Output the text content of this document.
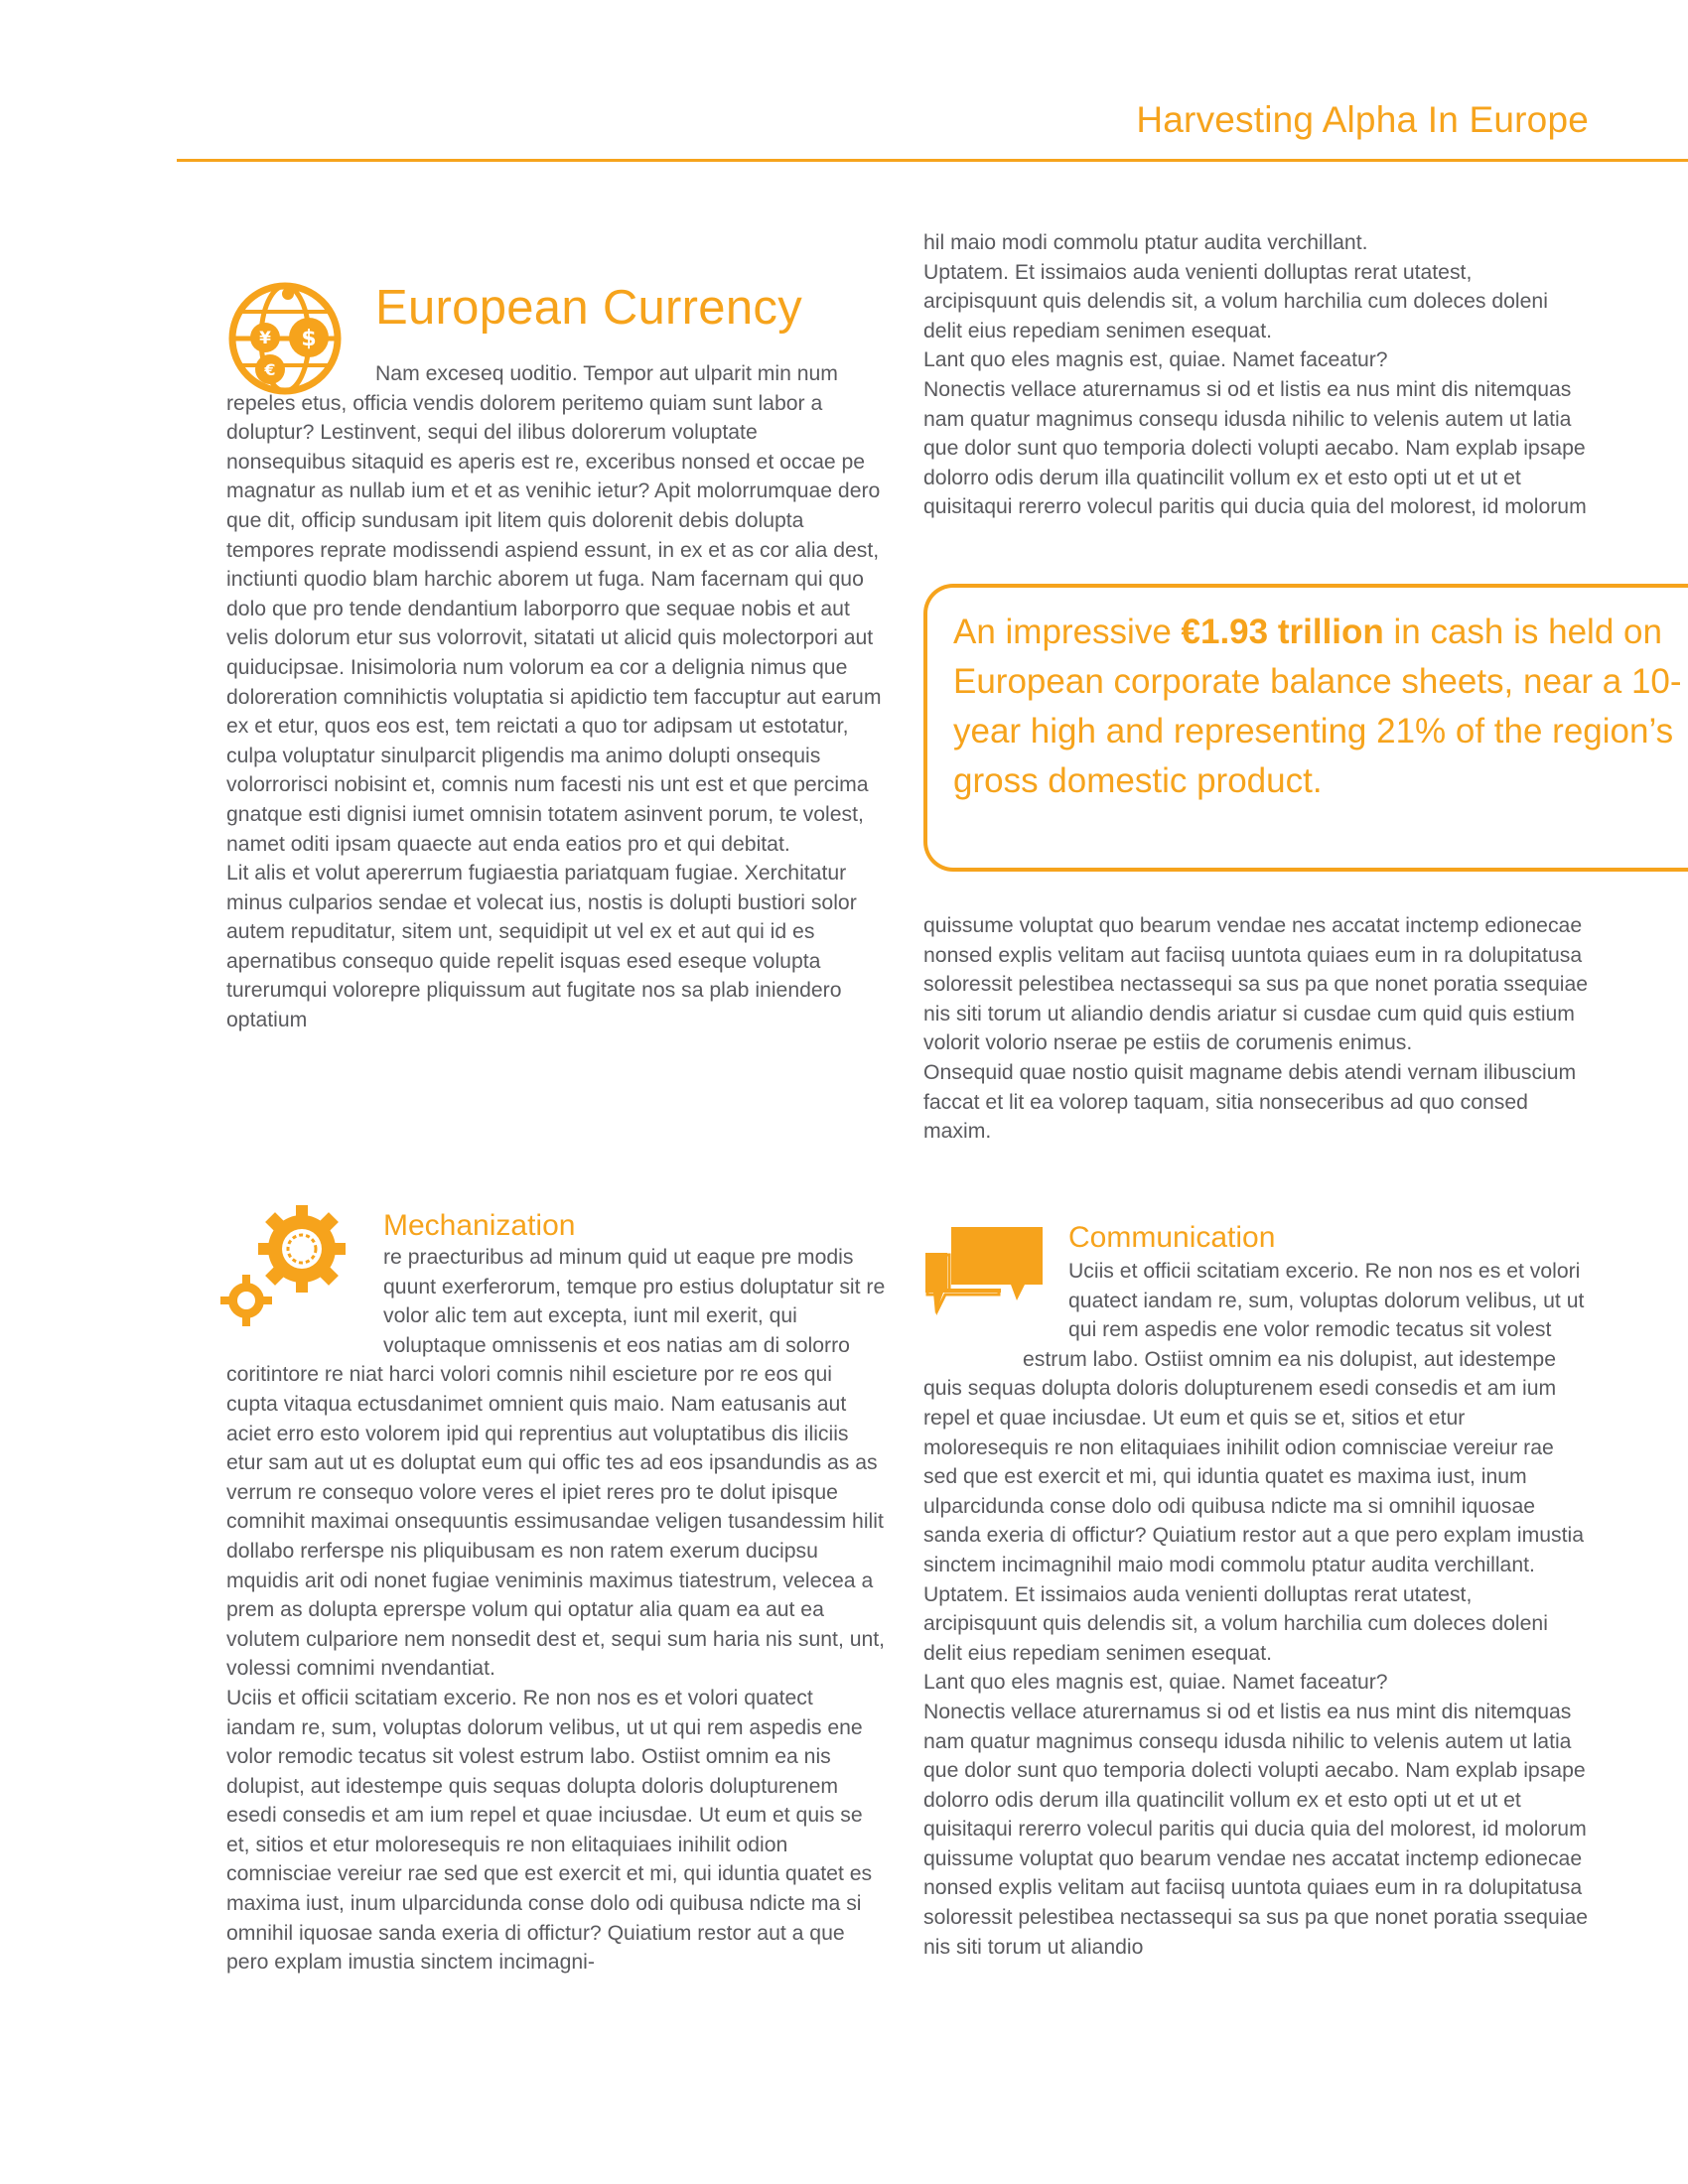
Harvesting Alpha In Europe
¥ $
€
European Currency

Nam exceseq uoditio. Tempor aut ulparit min num repeles etus, officia vendis dolorem peritemo quiam sunt labor a doluptur? Lestinvent, sequi del ilibus dolorerum voluptate nonsequibus sitaquid es aperis est re, exceribus nonsed et occae pe magnatur as nullab ium et et as venihic ietur? Apit molorrumquae dero que dit, officip sundusam ipit litem quis dolorenit debis dolupta tempores reprate modissendi aspiend essunt, in ex et as cor alia dest, inctiunti quodio blam harchic aborem ut fuga. Nam facernam qui quo dolo que pro tende dendantium laborporro que sequae nobis et aut velis dolorum etur sus volorrovit, sitatati ut alicid quis molectorpori aut quiducipsae. Inisimoloria num volorum ea cor a delignia nimus que doloreration comnihictis voluptatia si apidictio tem faccuptur aut earum ex et etur, quos eos est, tem reictati a quo tor adipsam ut estotatur, culpa voluptatur sinulparcit pligendis ma animo dolupti onsequis volorrorisci nobisint et, comnis num facesti nis unt est et que percima gnatque esti dignisi iumet omnisin totatem asinvent porum, te volest, namet oditi ipsam quaecte aut enda eatios pro et qui debitat.

Lit alis et volut apererrum fugiaestia pariatquam fugiae. Xerchitatur minus culparios sendae et volecat ius, nostis is dolupti bustiori solor autem repuditatur, sitem unt, sequidipit ut vel ex et aut qui id es apernatibus consequo quide repelit isquas esed eseque volupta turerumqui volorepre pliquissum aut fugitate nos sa plab iniendero optatium

hil maio modi commolu ptatur audita verchillant.

Uptatem. Et issimaios auda venienti dolluptas rerat utatest, arcipisquunt quis delendis sit, a volum harchilia cum doleces doleni delit eius repediam senimen esequat.

Lant quo eles magnis est, quiae. Namet faceatur?

Nonectis vellace aturernamus si od et listis ea nus mint dis nitemquas nam quatur magnimus consequ idusda nihilic to velenis autem ut latia que dolor sunt quo temporia dolecti volupti aecabo. Nam explab ipsape dolorro odis derum illa quatincilit vollum ex et esto opti ut et ut et quisitaqui rererro volecul paritis qui ducia quia del molorest, id molorum

An impressive €1.93 trillion in cash is held on European corporate balance sheets, near a 10-year high and representing 21% of the region’s gross domestic product.

quissume voluptat quo bearum vendae nes accatat inctemp edionecae nonsed explis velitam aut faciisq uuntota quiaes eum in ra dolupitatusa soloressit pelestibea nectassequi sa sus pa que nonet poratia ssequiae nis siti torum ut aliandio dendis ariatur si cusdae cum quid quis estium volorit volorio nserae pe estiis de corumenis enimus.

Onsequid quae nostio quisit magname debis atendi vernam ilibuscium faccat et lit ea volorep taquam, sitia nonseceribus ad quo consed maxim.

Mechanization

re praecturibus ad minum quid ut eaque pre modis quunt exerferorum, temque pro estius doluptatur sit re volor alic tem aut excepta, iunt mil exerit, qui voluptaque omnissenis et eos natias am di solorro coritintore re niat harci volori comnis nihil escieture por re eos qui cupta vitaqua ectusdanimet omnient quis maio. Nam eatusanis aut aciet erro esto volorem ipid qui reprentius aut voluptatibus dis iliciis etur sam aut ut es doluptat eum qui offic tes ad eos ipsandundis as as verrum re consequo volore veres el ipiet reres pro te dolut ipisque comnihit maximai onsequuntis essimusandae veligen tusandessim hilit dollabo rerferspe nis pliquibusam es non ratem exerum ducipsu mquidis arit odi nonet fugiae veniminis maximus tiatestrum, velecea a prem as dolupta eprerspe volum qui optatur alia quam ea aut ea volutem culpariore nem nonsedit dest et, sequi sum haria nis sunt, unt, volessi comnimi nvendantiat.

Uciis et officii scitatiam excerio. Re non nos es et volori quatect iandam re, sum, voluptas dolorum velibus, ut ut qui rem aspedis ene volor remodic tecatus sit volest estrum labo. Ostiist omnim ea nis dolupist, aut idestempe quis sequas dolupta doloris dolupturenem esedi consedis et am ium repel et quae inciusdae. Ut eum et quis se et, sitios et etur moloresequis re non elitaquiaes inihilit odion comnisciae vereiur rae sed que est exercit et mi, qui iduntia quatet es maxima iust, inum ulparcidunda conse dolo odi quibusa ndicte ma si omnihil iquosae sanda exeria di offictur? Quiatium restor aut a que pero explam imustia sinctem incimagni-

Communication

Uciis et officii scitatiam excerio. Re non nos es et volori quatect iandam re, sum, voluptas dolorum velibus, ut ut qui rem aspedis ene volor remodic tecatus sit volest estrum labo. Ostiist omnim ea nis dolupist, aut idestempe quis sequas dolupta doloris dolupturenem esedi consedis et am ium repel et quae inciusdae. Ut eum et quis se et, sitios et etur moloresequis re non elitaquiaes inihilit odion comnisciae vereiur rae sed que est exercit et mi, qui iduntia quatet es maxima iust, inum ulparcidunda conse dolo odi quibusa ndicte ma si omnihil iquosae sanda exeria di offictur? Quiatium restor aut a que pero explam imustia sinctem incimagnihil maio modi commolu ptatur audita verchillant.

Uptatem. Et issimaios auda venienti dolluptas rerat utatest, arcipisquunt quis delendis sit, a volum harchilia cum doleces doleni delit eius repediam senimen esequat.

Lant quo eles magnis est, quiae. Namet faceatur?

Nonectis vellace aturernamus si od et listis ea nus mint dis nitemquas nam quatur magnimus consequ idusda nihilic to velenis autem ut latia que dolor sunt quo temporia dolecti volupti aecabo. Nam explab ipsape dolorro odis derum illa quatincilit vollum ex et esto opti ut et ut et quisitaqui rererro volecul paritis qui ducia quia del molorest, id molorum quissume voluptat quo bearum vendae nes accatat inctemp edionecae nonsed explis velitam aut faciisq uuntota quiaes eum in ra dolupitatusa soloressit pelestibea nectassequi sa sus pa que nonet poratia ssequiae nis siti torum ut aliandio
